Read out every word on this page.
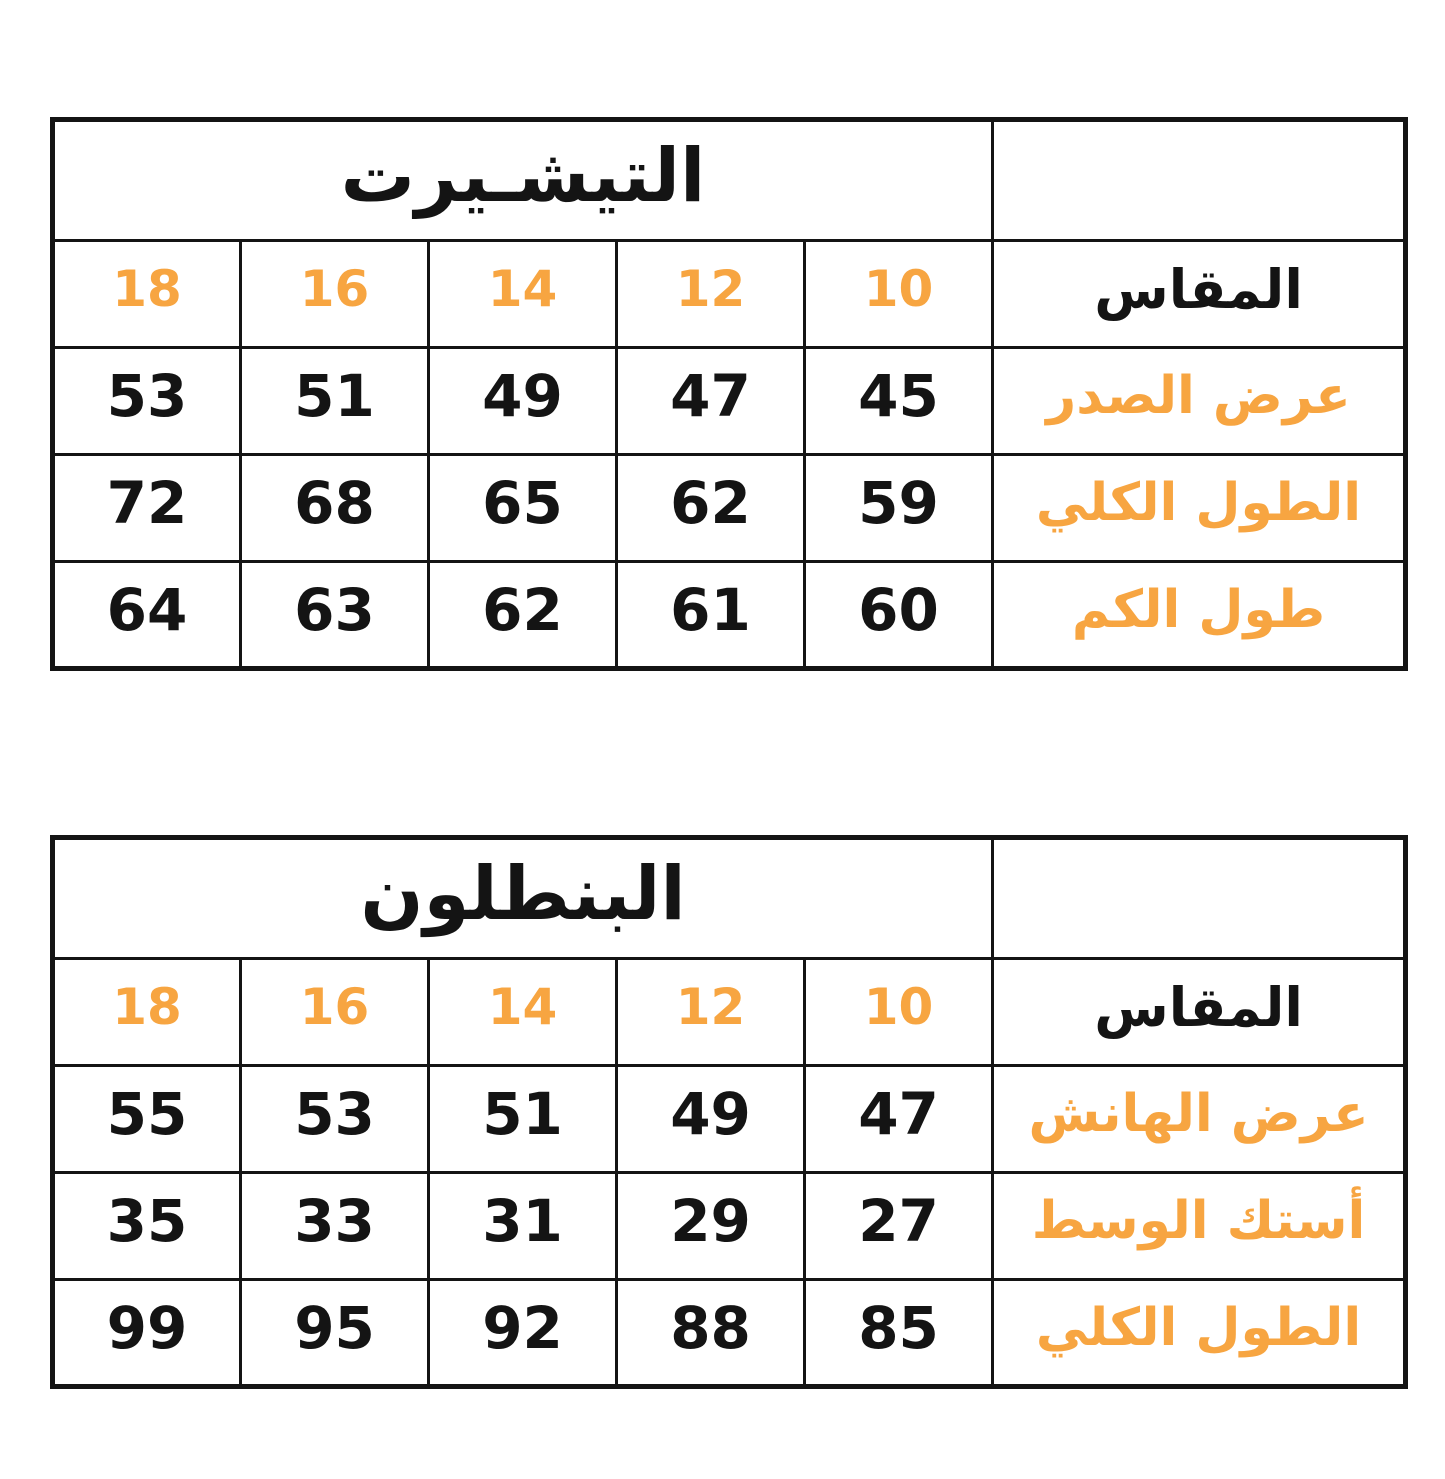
	التيشـيرت				
المقاس	10	12	14	16	18
عرض الصدر	45	47	49	51	53
الطول الكلي	59	62	65	68	72
طول الكم	60	61	62	63	64
	البنطلون				
المقاس	10	12	14	16	18
عرض الهانش	47	49	51	53	55
أستك الوسط	27	29	31	33	35
الطول الكلي	85	88	92	95	99
